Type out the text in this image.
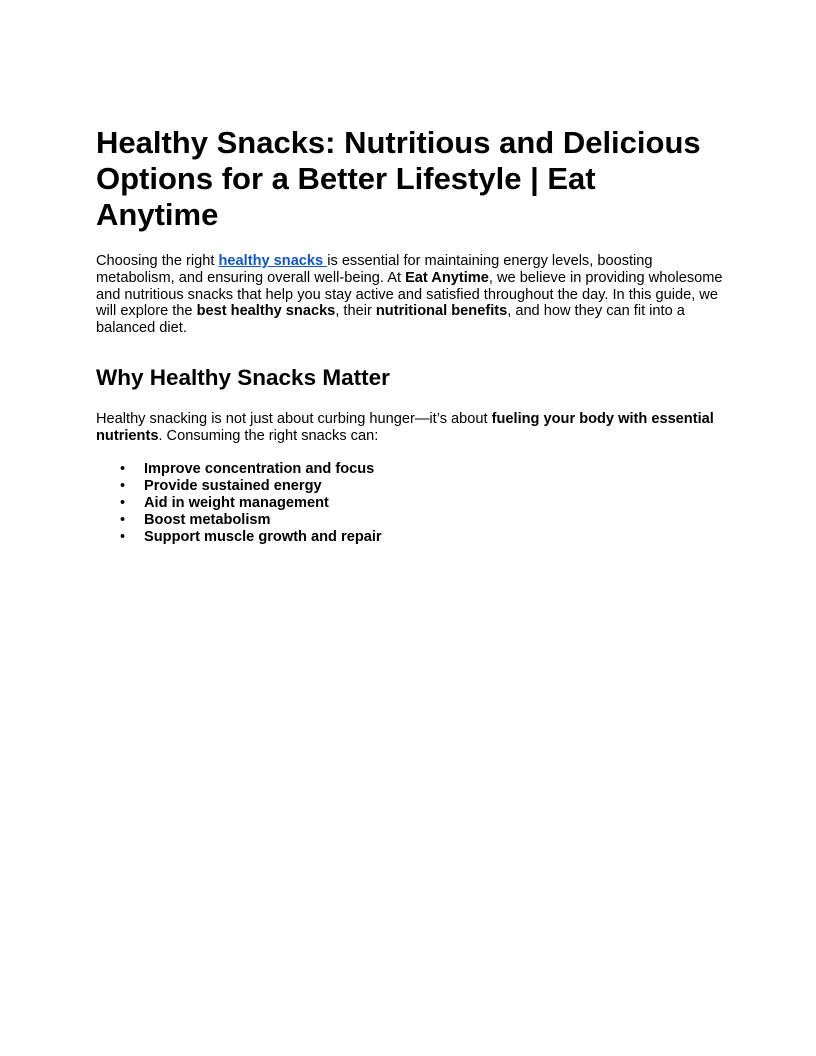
Healthy Snacks: Nutritious and Delicious Options for a Better Lifestyle | Eat Anytime

Choosing the right healthy snacks is essential for maintaining energy levels, boosting metabolism, and ensuring overall well-being. At Eat Anytime, we believe in providing wholesome and nutritious snacks that help you stay active and satisfied throughout the day. In this guide, we will explore the best healthy snacks, their nutritional benefits, and how they can fit into a balanced diet.

Why Healthy Snacks Matter

Healthy snacking is not just about curbing hunger—it’s about fueling your body with essential nutrients. Consuming the right snacks can:

• Improve concentration and focus
• Provide sustained energy
• Aid in weight management
• Boost metabolism
• Support muscle growth and repair
